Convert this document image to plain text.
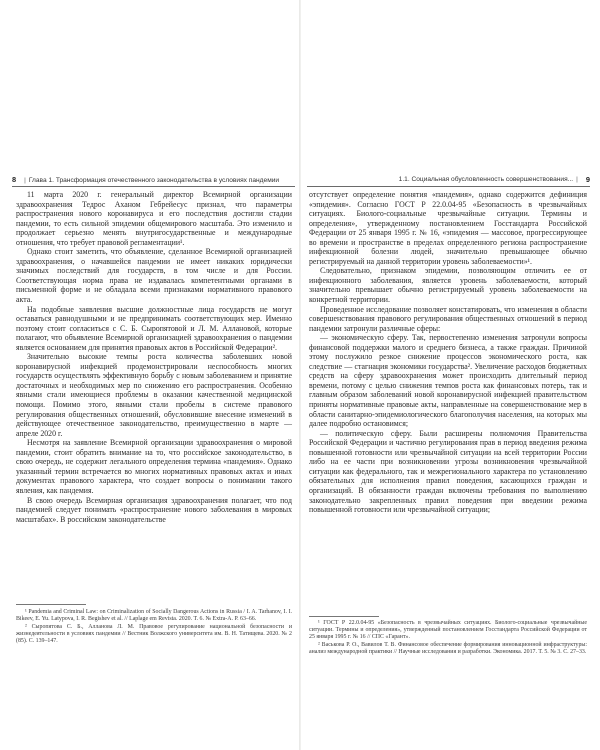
8 | Глава 1. Трансформация отечественного законодательства в условиях пандемии

11 марта 2020 г. генеральный директор Всемирной организации здравоохранения Тедрос Аханом Гебрейесус признал, что параметры распространения нового коронавируса и его последствия достигли стадии пандемии, то есть сильной эпидемии общемирового масштаба. Это изменило и продолжает серьезно менять внутригосударственные и международные отношения, что требует правовой регламентации¹.

Однако стоит заметить, что объявление, сделанное Всемирной организацией здравоохранения, о начавшейся пандемии не имеет никаких юридически значимых последствий для государств, в том числе и для России. Соответствующая норма права не издавалась компетентными органами в письменной форме и не обладала всеми признаками нормативного правового акта.

На подобные заявления высшие должностные лица государств не могут оставаться равнодушными и не предпринимать соответствующих мер. Именно поэтому стоит согласиться с С. Б. Сыропятовой и Л. М. Аллановой, которые полагают, что объявление Всемирной организацией здравоохранения о пандемии является основанием для принятия правовых актов в Российской Федерации².

Значительно высокие темпы роста количества заболевших новой коронавирусной инфекцией продемонстрировали неспособность многих государств осуществлять эффективную борьбу с новым заболеванием и принятие достаточных и необходимых мер по снижению его распространения. Особенно явными стали имеющиеся проблемы в оказании качественной медицинской помощи. Помимо этого, явными стали пробелы в системе правового регулирования общественных отношений, обусловившие внесение изменений в действующее отечественное законодательство, преимущественно в марте — апреле 2020 г.

Несмотря на заявление Всемирной организации здравоохранения о мировой пандемии, стоит обратить внимание на то, что российское законодательство, в свою очередь, не содержит легального определения термина «пандемия». Однако указанный термин встречается во многих нормативных правовых актах и иных документах правового характера, что создает вопросы о понимании такого явления, как пандемия.

В свою очередь Всемирная организация здравоохранения полагает, что под пандемией следует понимать «распространение нового заболевания в мировых масштабах». В российском законодательстве

¹ Pandemia and Criminal Law: on Criminalization of Socially Dangerous Actions in Russia / I. A. Tarhanov, I. I. Bikeev, E. Yu. Latypova, I. R. Begishev et al. // Laplage em Revista. 2020. T. 6. № Extra-A. P. 63–66.

² Сыропятова С. Б., Алланова Л. М. Правовое регулирование национальной безопасности и жизнедеятельности в условиях пандемии // Вестник Волжского университета им. В. Н. Татищева. 2020. № 2 (85). С. 139–147.

9
|
1.1. Социальная обусловленность совершенствования...

отсутствует определение понятия «пандемия», однако содержится дефиниция «эпидемия». Согласно ГОСТ Р 22.0.04-95 «Безопасность в чрезвычайных ситуациях. Биолого-социальные чрезвычайные ситуации. Термины и определения», утвержденному постановлением Госстандарта Российской Федерации от 25 января 1995 г. № 16, «эпидемия — массовое, прогрессирующее во времени и пространстве в пределах определенного региона распространение инфекционной болезни людей, значительно превышающее обычно регистрируемый на данной территории уровень заболеваемости»¹.

Следовательно, признаком эпидемии, позволяющим отличить ее от инфекционного заболевания, является уровень заболеваемости, который значительно превышает обычно регистрируемый уровень заболеваемости на конкретной территории.

Проведенное исследование позволяет констатировать, что изменения в области совершенствования правового регулирования общественных отношений в период пандемии затронули различные сферы:

— экономическую сферу. Так, первостепенно изменения затронули вопросы финансовой поддержки малого и среднего бизнеса, а также граждан. Причиной этому послужило резкое снижение процессов экономического роста, как следствие — стагнация экономики государства². Увеличение расходов бюджетных средств на сферу здравоохранения может происходить длительный период времени, потому с целью снижения темпов роста как финансовых потерь, так и главным образом заболеваний новой коронавирусной инфекцией правительством приняты нормативные правовые акты, направленные на совершенствование мер в области санитарно-эпидемиологического благополучия населения, на которых мы далее подробно остановимся;

— политическую сферу. Были расширены полномочия Правительства Российской Федерации и частично регулирования прав в период введения режима повышенной готовности или чрезвычайной ситуации на всей территории России либо на ее части при возникновении угрозы возникновения чрезвычайной ситуации как федерального, так и межрегионального характера по установлению обязательных для исполнения правил поведения, касающихся граждан и организаций. В обязанности граждан включены требования по выполнению законодательно закрепленных правил поведения при введении режима повышенной готовности или чрезвычайной ситуации;

¹ ГОСТ Р 22.0.04-95 «Безопасность в чрезвычайных ситуациях. Биолого-социальные чрезвычайные ситуации. Термины и определения», утвержденный постановлением Госстандарта Российской Федерации от 25 января 1995 г. № 16 // СПС «Гарант».

² Васькова Р. О., Вавилов Т. В. Финансовое обеспечение формирования инновационной инфраструктуры: анализ международной практики // Научные исследования и разработки. Экономика. 2017. Т. 5. № 3. С. 27–33.
